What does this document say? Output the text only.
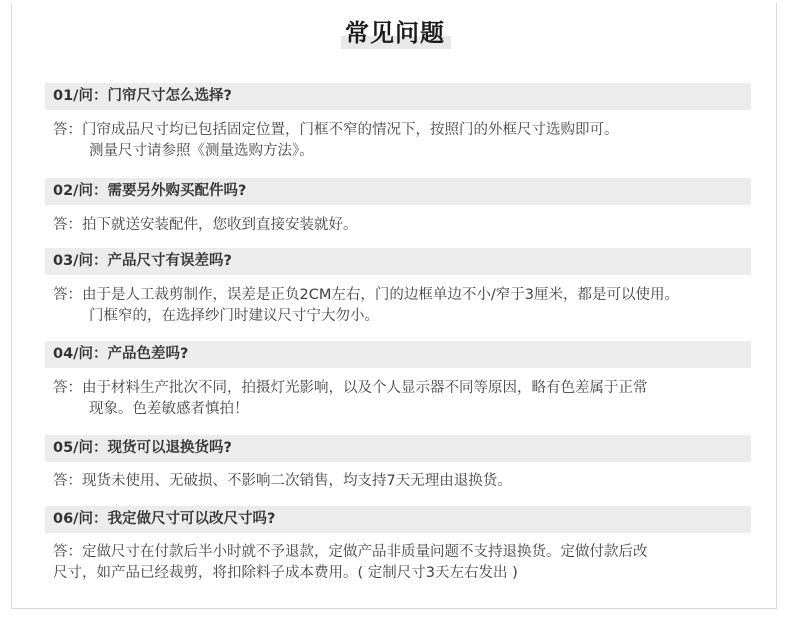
常见问题
01/问：门帘尺寸怎么选择?
答：门帘成品尺寸均已包括固定位置，门框不窄的情况下，按照门的外框尺寸选购即可。
测量尺寸请参照《测量选购方法》。
02/问：需要另外购买配件吗?
答：拍下就送安装配件，您收到直接安装就好。
03/问：产品尺寸有误差吗?
答：由于是人工裁剪制作，误差是正负2CM左右，门的边框单边不小/窄于3厘米，都是可以使用。
门框窄的，在选择纱门时建议尺寸宁大勿小。
04/问：产品色差吗?
答：由于材料生产批次不同，拍摄灯光影响，以及个人显示器不同等原因，略有色差属于正常
现象。色差敏感者慎拍！
05/问：现货可以退换货吗?
答：现货未使用、无破损、不影响二次销售，均支持7天无理由退换货。
06/问：我定做尺寸可以改尺寸吗?
答：定做尺寸在付款后半小时就不予退款，定做产品非质量问题不支持退换货。定做付款后改
尺寸，如产品已经裁剪，将扣除料子成本费用。( 定制尺寸3天左右发出 )
